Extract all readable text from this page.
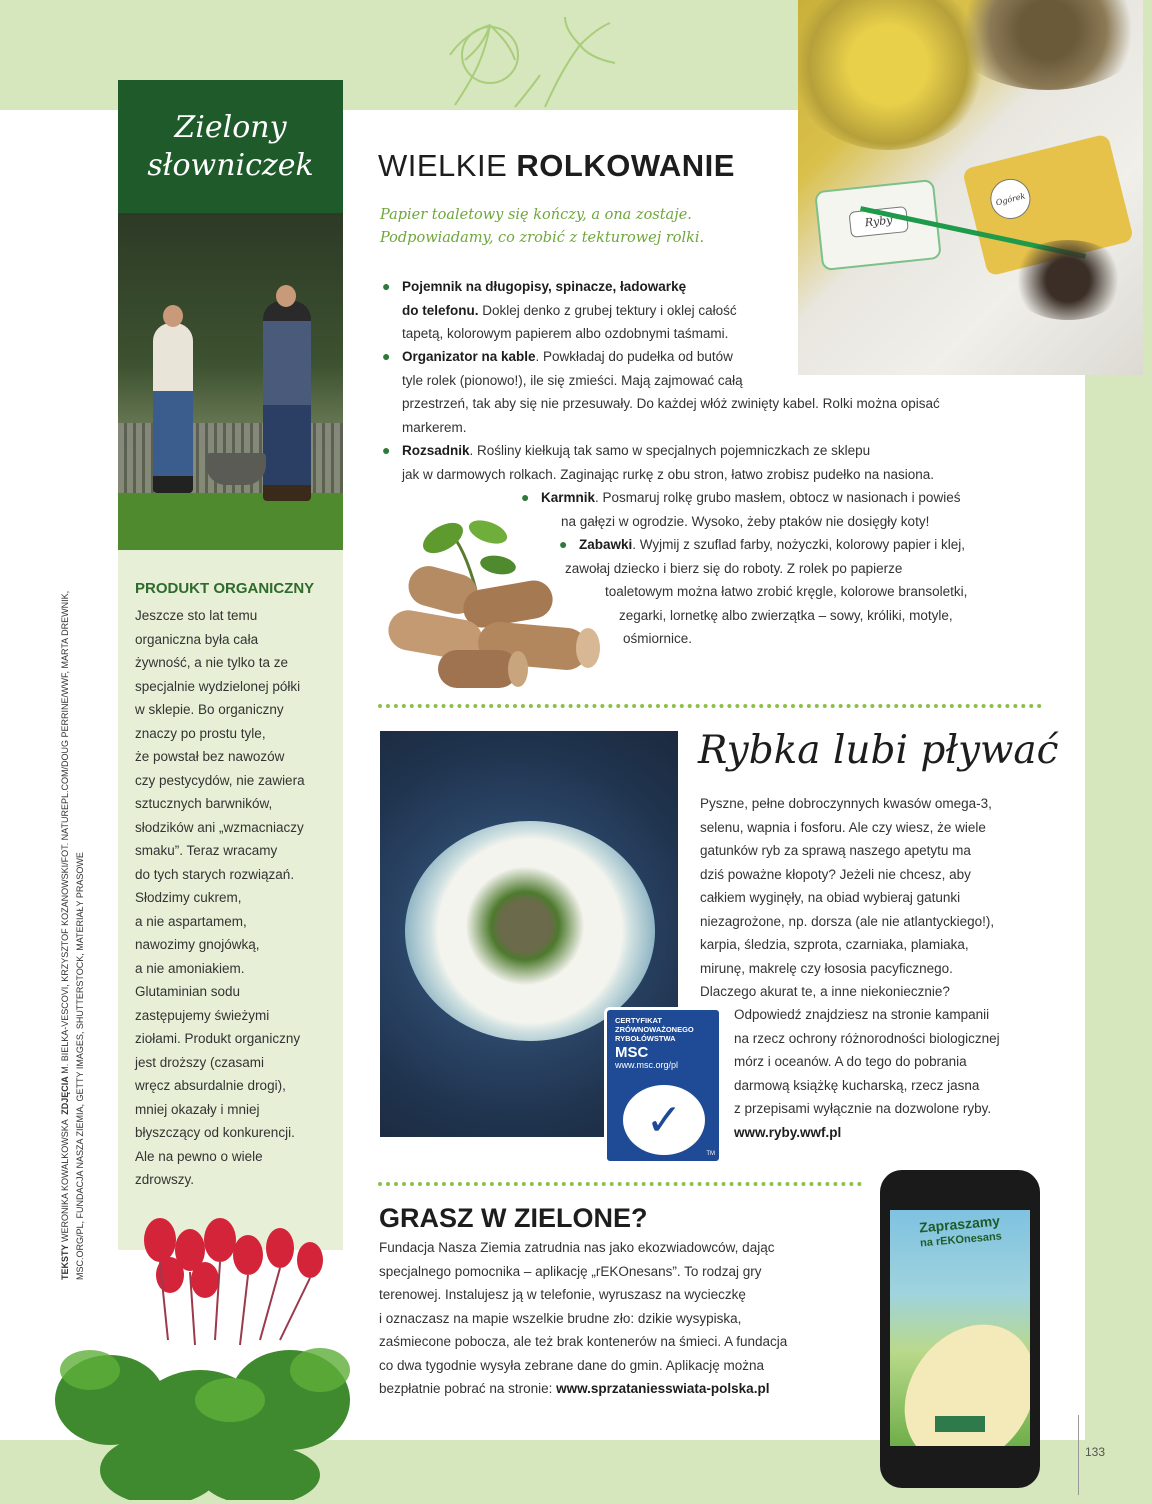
Ryby
Ogórek
Zielony
słowniczek
TEKSTY WERONIKA KOWALKOWSKA  ZDJĘCIA M. BIELKA-VESCOVI, KRZYSZTOF KOZANOWSKI/FOT. NATUREPL.COM/DOUG PERRINE/WWF, MARTA DREWNIK, MSC.ORG/PL, FUNDACJA NASZA ZIEMIA, GETTY IMAGES, SHUTTERSTOCK, MATERIAŁY PRASOWE
WIELKIE ROLKOWANIE
Papier toaletowy się kończy, a ona zostaje.
Podpowiadamy, co zrobić z tekturowej rolki.

● Pojemnik na długopisy, spinacze, ładowarkę

do telefonu. Doklej denko z grubej tektury i oklej całość

tapetą, kolorowym papierem albo ozdobnymi taśmami.

● Organizator na kable. Powkładaj do pudełka od butów

tyle rolek (pionowo!), ile się zmieści. Mają zajmować całą

przestrzeń, tak aby się nie przesuwały. Do każdej włóż zwinięty kabel. Rolki można opisać

markerem.

● Rozsadnik. Rośliny kiełkują tak samo w specjalnych pojemniczkach ze sklepu

jak w darmowych rolkach. Zaginając rurkę z obu stron, łatwo zrobisz pudełko na nasiona.

● Karmnik. Posmaruj rolkę grubo masłem, obtocz w nasionach i powieś

na gałęzi w ogrodzie. Wysoko, żeby ptaków nie dosięgły koty!

● Zabawki. Wyjmij z szuflad farby, nożyczki, kolorowy papier i klej,

zawołaj dziecko i bierz się do roboty. Z rolek po papierze

toaletowym można łatwo zrobić kręgle, kolorowe bransoletki,

zegarki, lornetkę albo zwierzątka – sowy, króliki, motyle,

ośmiornice.

CERTYFIKAT
ZRÓWNOWAŻONEGO
RYBOŁÓWSTWA
MSC
www.msc.org/pl
✓
TM
Rybka lubi pływać
Pyszne, pełne dobroczynnych kwasów omega-3,
selenu, wapnia i fosforu. Ale czy wiesz, że wiele
gatunków ryb za sprawą naszego apetytu ma
dziś poważne kłopoty? Jeżeli nie chcesz, aby
całkiem wyginęły, na obiad wybieraj gatunki
niezagrożone, np. dorsza (ale nie atlantyckiego!),
karpia, śledzia, szprota, czarniaka, plamiaka,
mirunę, makrelę czy łososia pacyficznego.
Dlaczego akurat te, a inne niekoniecznie?
Odpowiedź znajdziesz na stronie kampanii
na rzecz ochrony różnorodności biologicznej
mórz i oceanów. A do tego do pobrania
darmową książkę kucharską, rzecz jasna
z przepisami wyłącznie na dozwolone ryby.
www.ryby.wwf.pl
PRODUKT ORGANICZNY
Jeszcze sto lat temu
organiczna była cała
żywność, a nie tylko ta ze
specjalnie wydzielonej półki
w sklepie. Bo organiczny
znaczy po prostu tyle,
że powstał bez nawozów
czy pestycydów, nie zawiera
sztucznych barwników,
słodzików ani „wzmacniaczy
smaku”. Teraz wracamy
do tych starych rozwiązań.
Słodzimy cukrem,
a nie aspartamem,
nawozimy gnojówką,
a nie amoniakiem.
Glutaminian sodu
zastępujemy świeżymi
ziołami. Produkt organiczny
jest droższy (czasami
wręcz absurdalnie drogi),
mniej okazały i mniej
błyszczący od konkurencji.
Ale na pewno o wiele
zdrowszy.
GRASZ W ZIELONE?
Fundacja Nasza Ziemia zatrudnia nas jako ekozwiadowców, dając
specjalnego pomocnika – aplikację „rEKOnesans”. To rodzaj gry
terenowej. Instalujesz ją w telefonie, wyruszasz na wycieczkę
i oznaczasz na mapie wszelkie brudne zło: dzikie wysypiska,
zaśmiecone pobocza, ale też brak kontenerów na śmieci. A fundacja
co dwa tygodnie wysyła zebrane dane do gmin. Aplikację można
bezpłatnie pobrać na stronie: www.sprzataniesswiata-polska.pl
Zapraszamy
na rEKOnesans
133
